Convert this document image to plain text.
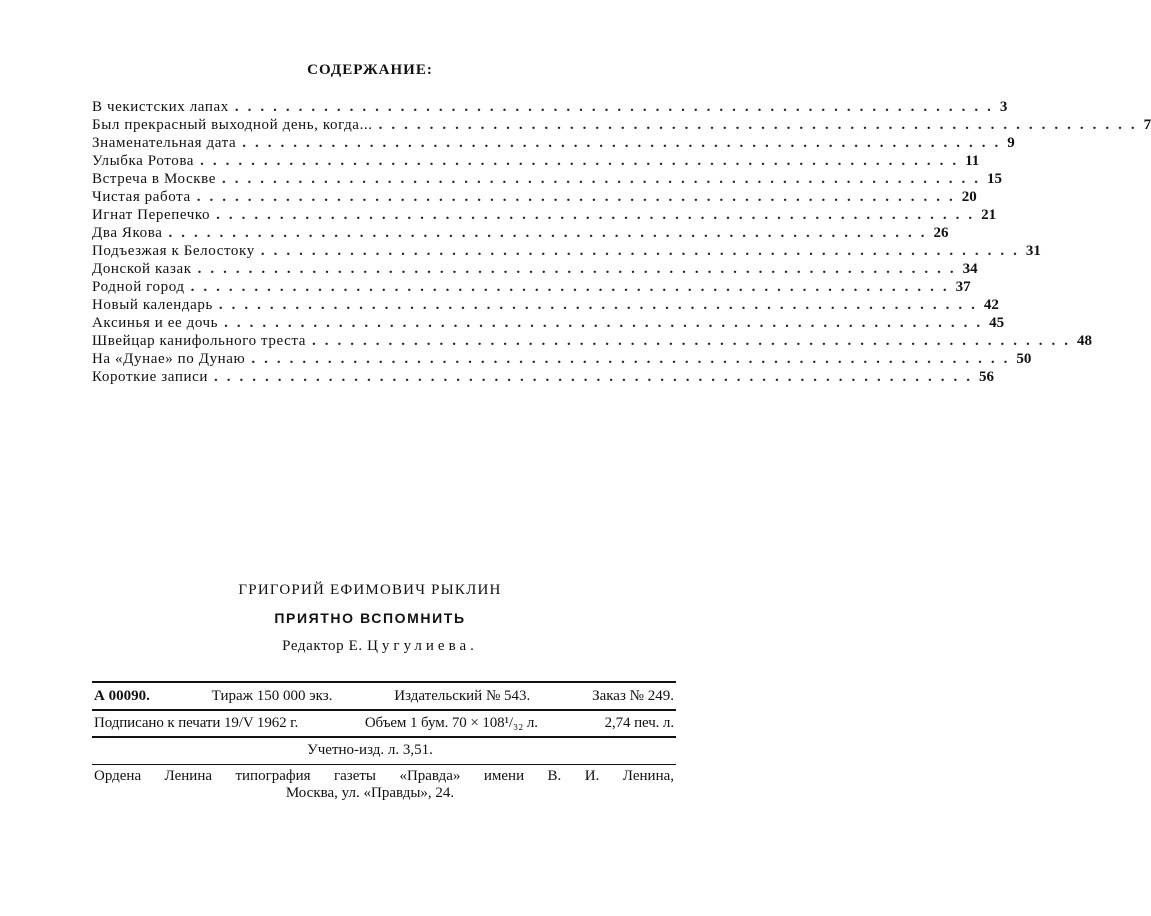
СОДЕРЖАНИЕ:
В чекистских лапах ............................................................ 3
Был прекрасный выходной день, когда... ............................................................ 7
Знаменательная дата ............................................................ 9
Улыбка Ротова ............................................................ 11
Встреча в Москве ............................................................ 15
Чистая работа ............................................................ 20
Игнат Перепечко ............................................................ 21
Два Якова ............................................................ 26
Подъезжая к Белостоку ............................................................ 31
Донской казак ............................................................ 34
Родной город ............................................................ 37
Новый календарь ............................................................ 42
Аксинья и ее дочь ............................................................ 45
Швейцар канифольного треста ............................................................ 48
На «Дунае» по Дунаю ............................................................ 50
Короткие записи ............................................................ 56
ГРИГОРИЙ ЕФИМОВИЧ РЫКЛИН
ПРИЯТНО ВСПОМНИТЬ
Редактор Е. Цугулиева.
А 00090.	Тираж 150 000 экз.	Издательский № 543.	Заказ № 249.
Подписано к печати 19/V 1962 г.	Объем 1 бум. 70 × 108¹/₃₂ л.	2,74 печ. л.
Учетно-изд. л. 3,51.
Ордена Ленина типография газеты «Правда» имени В. И. Ленина,
Москва, ул. «Правды», 24.
